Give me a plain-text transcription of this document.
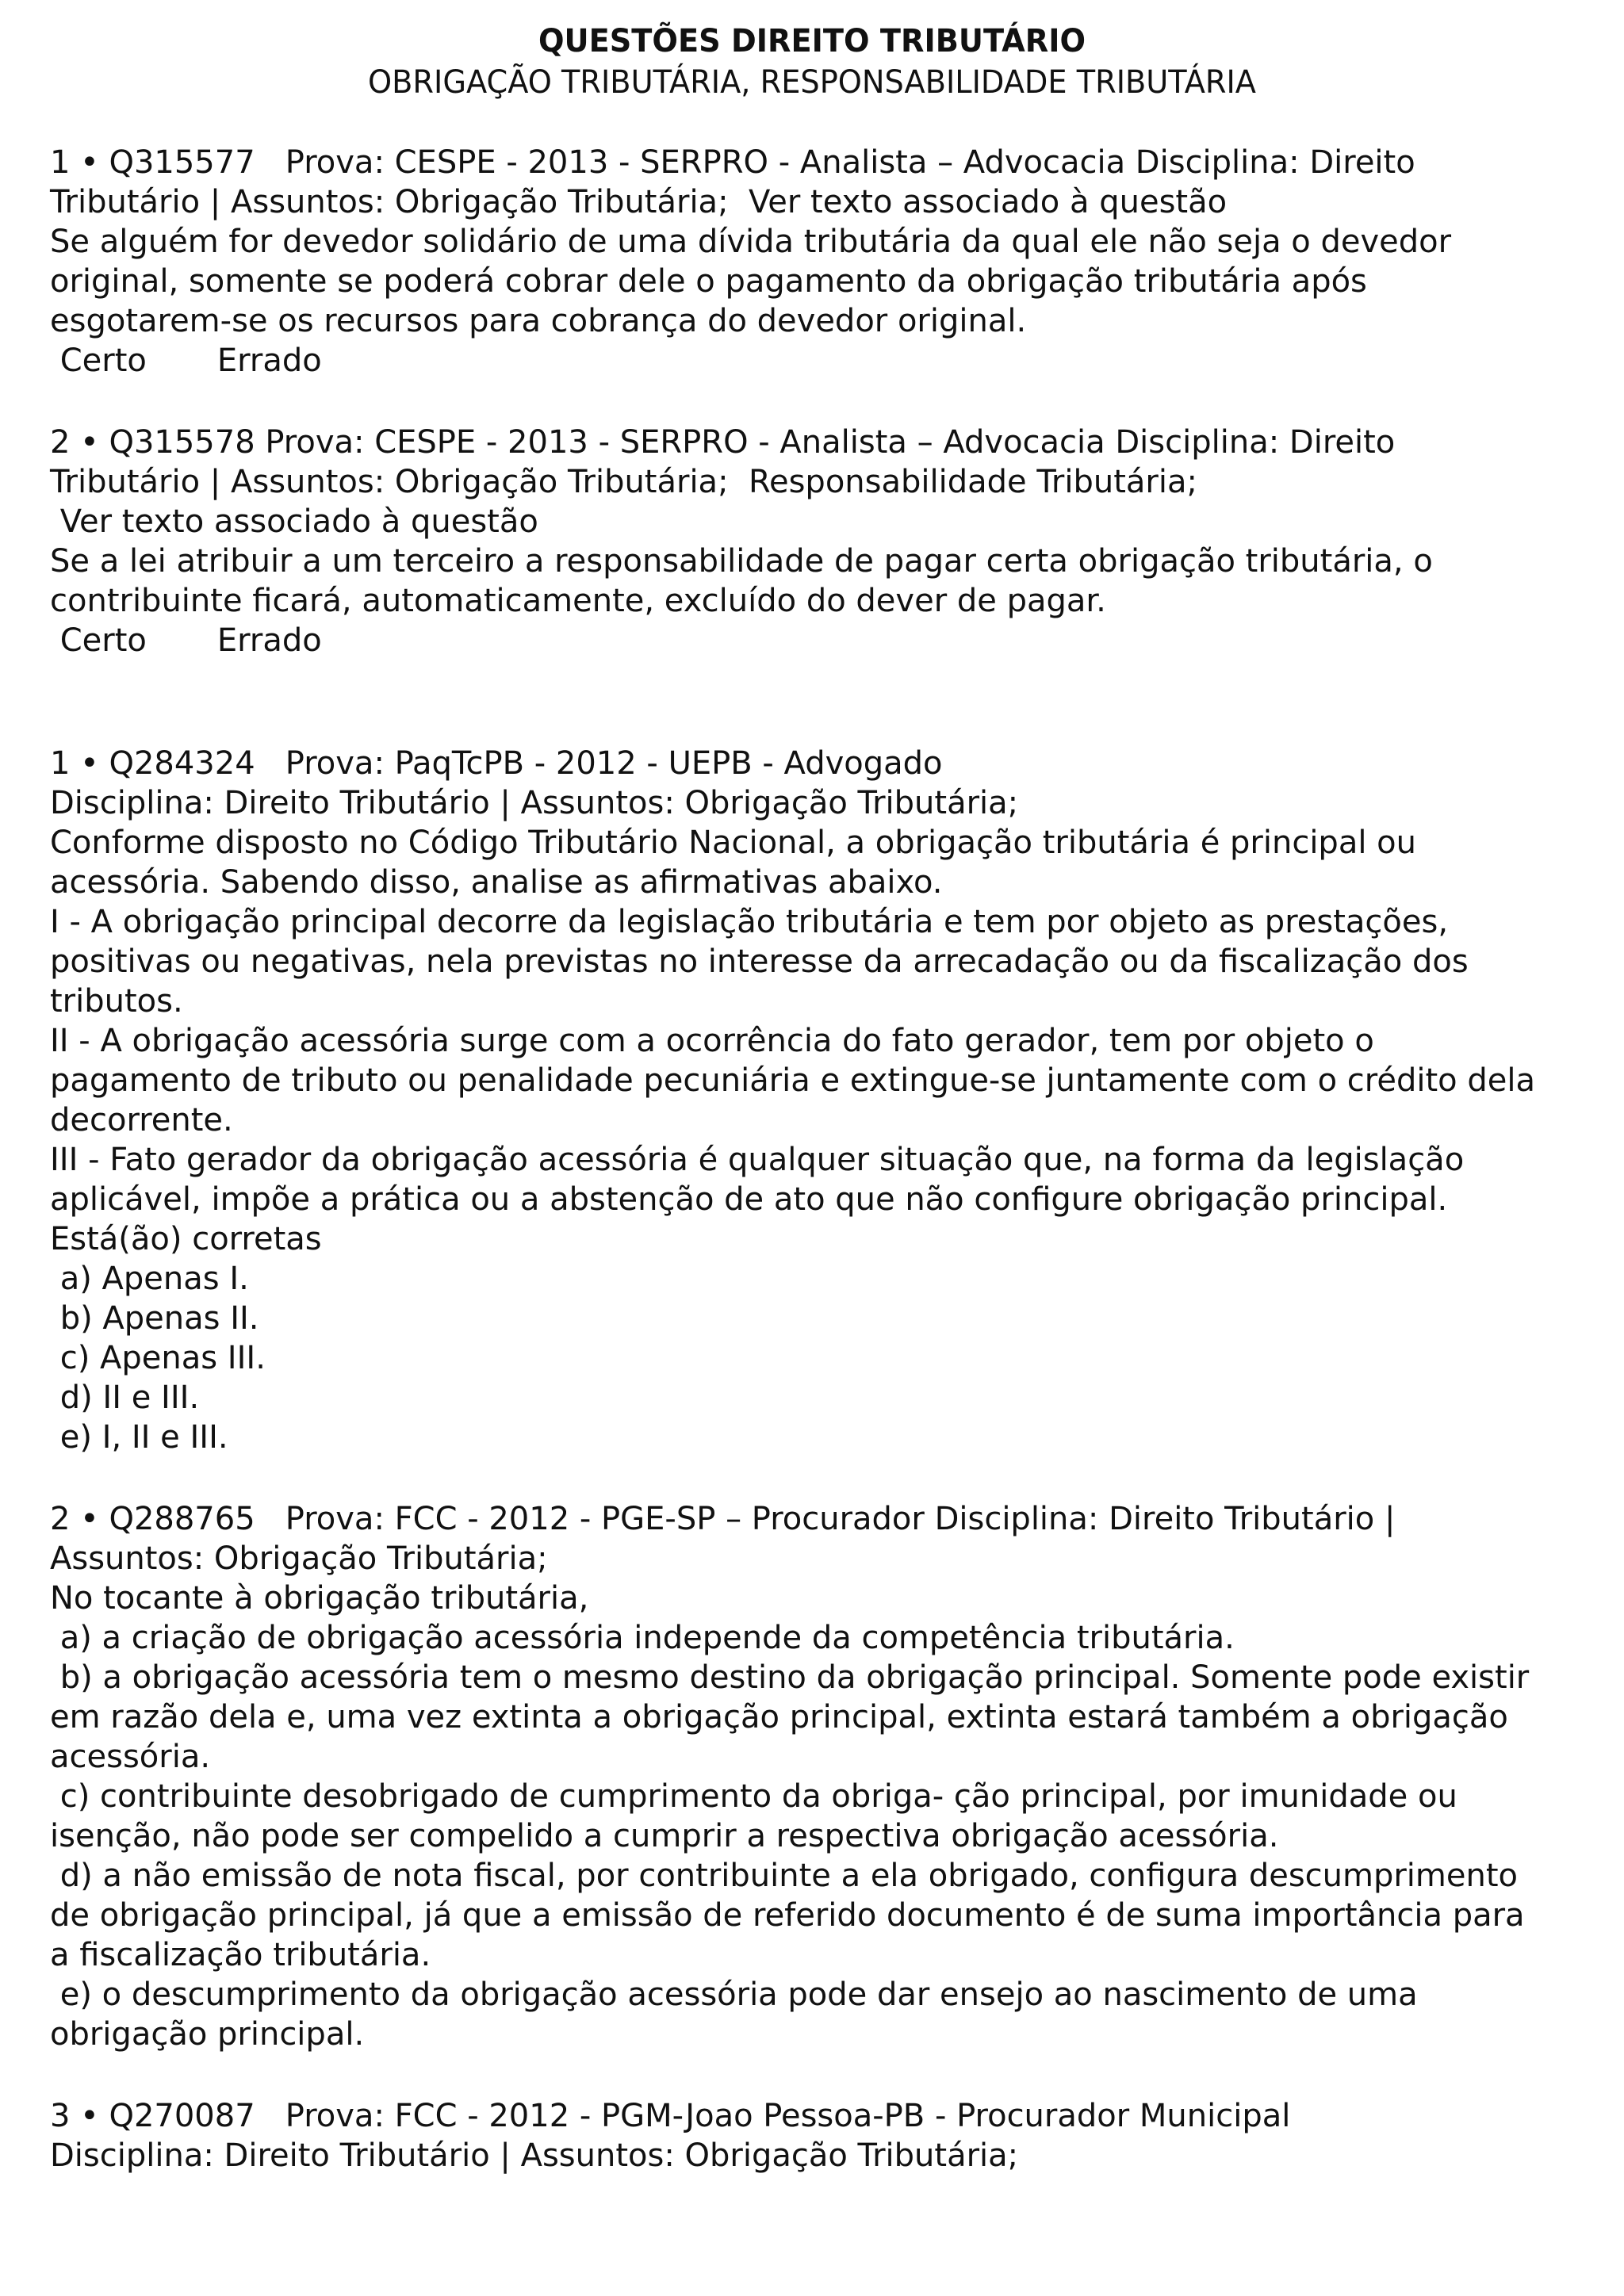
QUESTÕES DIREITO TRIBUTÁRIO
OBRIGAÇÃO TRIBUTÁRIA, RESPONSABILIDADE TRIBUTÁRIA
1 • Q315577   Prova: CESPE - 2013 - SERPRO - Analista – Advocacia Disciplina: Direito
Tributário | Assuntos: Obrigação Tributária;  Ver texto associado à questão
Se alguém for devedor solidário de uma dívida tributária da qual ele não seja o devedor
original, somente se poderá cobrar dele o pagamento da obrigação tributária após
esgotarem-se os recursos para cobrança do devedor original.
Certo       Errado
2 • Q315578 Prova: CESPE - 2013 - SERPRO - Analista – Advocacia Disciplina: Direito
Tributário | Assuntos: Obrigação Tributária;  Responsabilidade Tributária;
Ver texto associado à questão
Se a lei atribuir a um terceiro a responsabilidade de pagar certa obrigação tributária, o
contribuinte ficará, automaticamente, excluído do dever de pagar.
Certo       Errado
1 • Q284324   Prova: PaqTcPB - 2012 - UEPB - Advogado
Disciplina: Direito Tributário | Assuntos: Obrigação Tributária;
Conforme disposto no Código Tributário Nacional, a obrigação tributária é principal ou
acessória. Sabendo disso, analise as afirmativas abaixo.
I - A obrigação principal decorre da legislação tributária e tem por objeto as prestações,
positivas ou negativas, nela previstas no interesse da arrecadação ou da fiscalização dos
tributos.
II - A obrigação acessória surge com a ocorrência do fato gerador, tem por objeto o
pagamento de tributo ou penalidade pecuniária e extingue-se juntamente com o crédito dela
decorrente.
III - Fato gerador da obrigação acessória é qualquer situação que, na forma da legislação
aplicável, impõe a prática ou a abstenção de ato que não configure obrigação principal.
Está(ão) corretas
a) Apenas I.
b) Apenas II.
c) Apenas III.
d) II e III.
e) I, II e III.
2 • Q288765   Prova: FCC - 2012 - PGE-SP – Procurador Disciplina: Direito Tributário |
Assuntos: Obrigação Tributária;
No tocante à obrigação tributária,
a) a criação de obrigação acessória independe da competência tributária.
b) a obrigação acessória tem o mesmo destino da obrigação principal. Somente pode existir
em razão dela e, uma vez extinta a obrigação principal, extinta estará também a obrigação
acessória.
c) contribuinte desobrigado de cumprimento da obriga- ção principal, por imunidade ou
isenção, não pode ser compelido a cumprir a respectiva obrigação acessória.
d) a não emissão de nota fiscal, por contribuinte a ela obrigado, configura descumprimento
de obrigação principal, já que a emissão de referido documento é de suma importância para
a fiscalização tributária.
e) o descumprimento da obrigação acessória pode dar ensejo ao nascimento de uma
obrigação principal.
3 • Q270087   Prova: FCC - 2012 - PGM-Joao Pessoa-PB - Procurador Municipal
Disciplina: Direito Tributário | Assuntos: Obrigação Tributária;
